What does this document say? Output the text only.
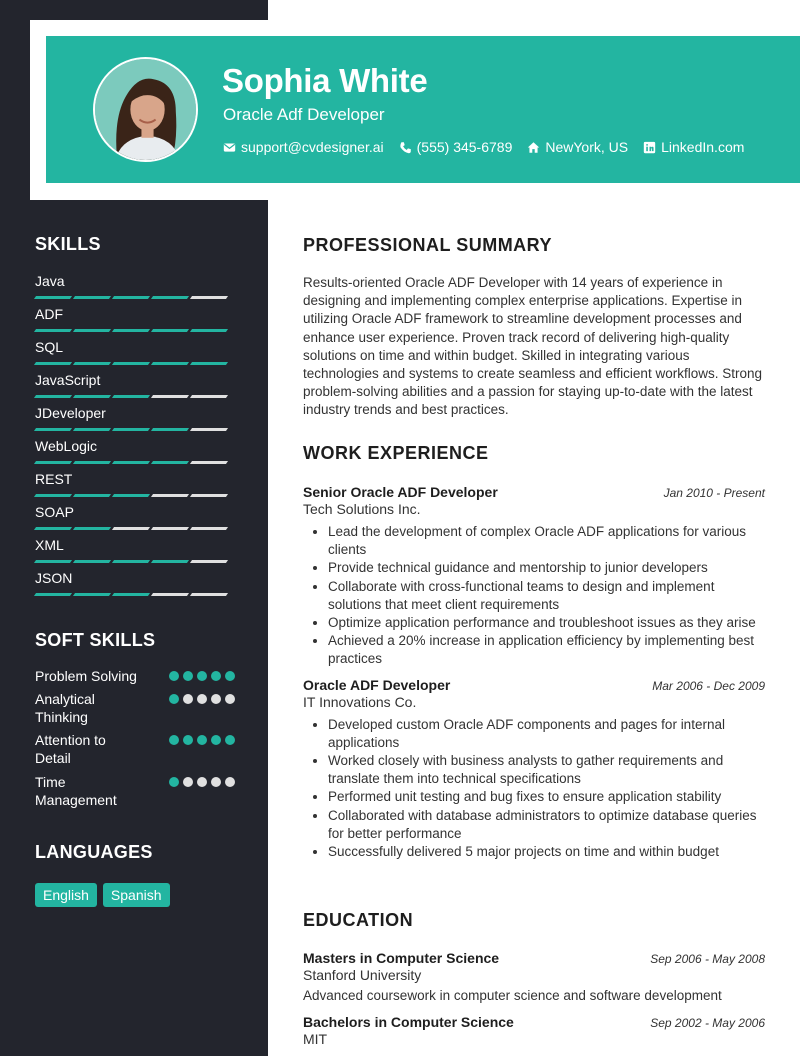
Sophia White
Oracle Adf Developer
support@cvdesigner.ai (555) 345-6789 NewYork, US LinkedIn.com
SKILLS
Java
ADF
SQL
JavaScript
JDeveloper
WebLogic
REST
SOAP
XML
JSON
SOFT SKILLS
Problem Solving
Analytical Thinking
Attention to Detail
Time Management
LANGUAGES
English	Spanish
PROFESSIONAL SUMMARY
Results-oriented Oracle ADF Developer with 14 years of experience in designing and implementing complex enterprise applications. Expertise in utilizing Oracle ADF framework to streamline development processes and enhance user experience. Proven track record of delivering high-quality solutions on time and within budget. Skilled in integrating various technologies and systems to create seamless and efficient workflows. Strong problem-solving abilities and a passion for staying up-to-date with the latest industry trends and best practices.
WORK EXPERIENCE
Senior Oracle ADF Developer	Jan 2010 - Present
Tech Solutions Inc.
• Lead the development of complex Oracle ADF applications for various clients
• Provide technical guidance and mentorship to junior developers
• Collaborate with cross-functional teams to design and implement solutions that meet client requirements
• Optimize application performance and troubleshoot issues as they arise
• Achieved a 20% increase in application efficiency by implementing best practices
Oracle ADF Developer	Mar 2006 - Dec 2009
IT Innovations Co.
• Developed custom Oracle ADF components and pages for internal applications
• Worked closely with business analysts to gather requirements and translate them into technical specifications
• Performed unit testing and bug fixes to ensure application stability
• Collaborated with database administrators to optimize database queries for better performance
• Successfully delivered 5 major projects on time and within budget
EDUCATION
Masters in Computer Science	Sep 2006 - May 2008
Stanford University
Advanced coursework in computer science and software development
Bachelors in Computer Science	Sep 2002 - May 2006
MIT
